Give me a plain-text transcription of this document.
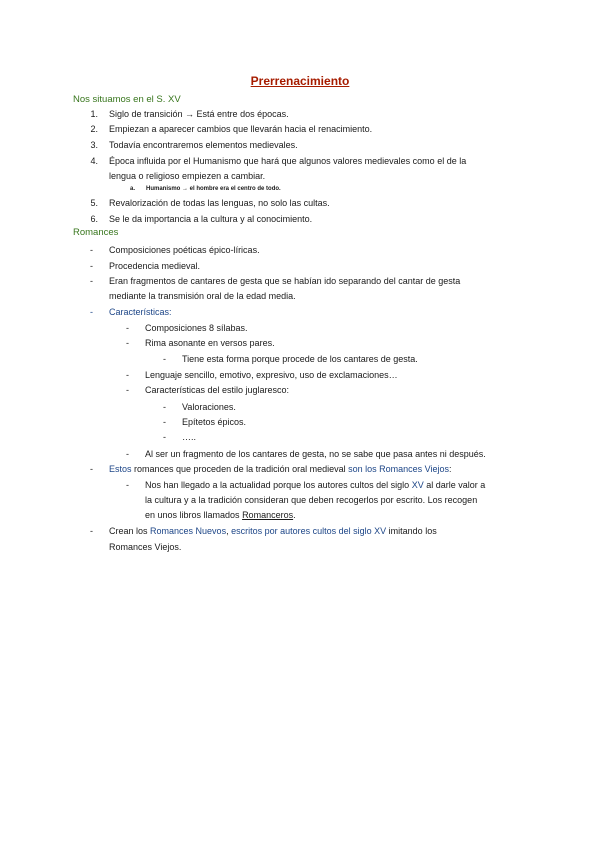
Prerrenacimiento
Nos situamos en el S. XV
1. Siglo de transición → Está entre dos épocas.
2. Empiezan a aparecer cambios que llevarán hacia el renacimiento.
3. Todavía encontraremos elementos medievales.
4. Época influida por el Humanismo que hará que algunos valores medievales como el de la
lengua o religioso empiezen a cambiar.
a. Humanismo → el hombre era el centro de todo.
5. Revalorización de todas las lenguas, no solo las cultas.
6. Se le da importancia a la cultura y al conocimiento.
Romances
- Composiciones poéticas épico-líricas.
- Procedencia medieval.
- Eran fragmentos de cantares de gesta que se habían ido separando del cantar de gesta
mediante la transmisión oral de la edad media.
- Características:
- Composiciones 8 sílabas.
- Rima asonante en versos pares.
- Tiene esta forma porque procede de los cantares de gesta.
- Lenguaje sencillo, emotivo, expresivo, uso de exclamaciones…
- Características del estilo juglaresco:
- Valoraciones.
- Epítetos épicos.
- …..
- Al ser un fragmento de los cantares de gesta, no se sabe que pasa antes ni después.
- Estos romances que proceden de la tradición oral medieval son los Romances Viejos:
- Nos han llegado a la actualidad porque los autores cultos del siglo XV al darle valor a
la cultura y a la tradición consideran que deben recogerlos por escrito. Los recogen
en unos libros llamados Romanceros.
- Crean los Romances Nuevos, escritos por autores cultos del siglo XV imitando los
Romances Viejos.
